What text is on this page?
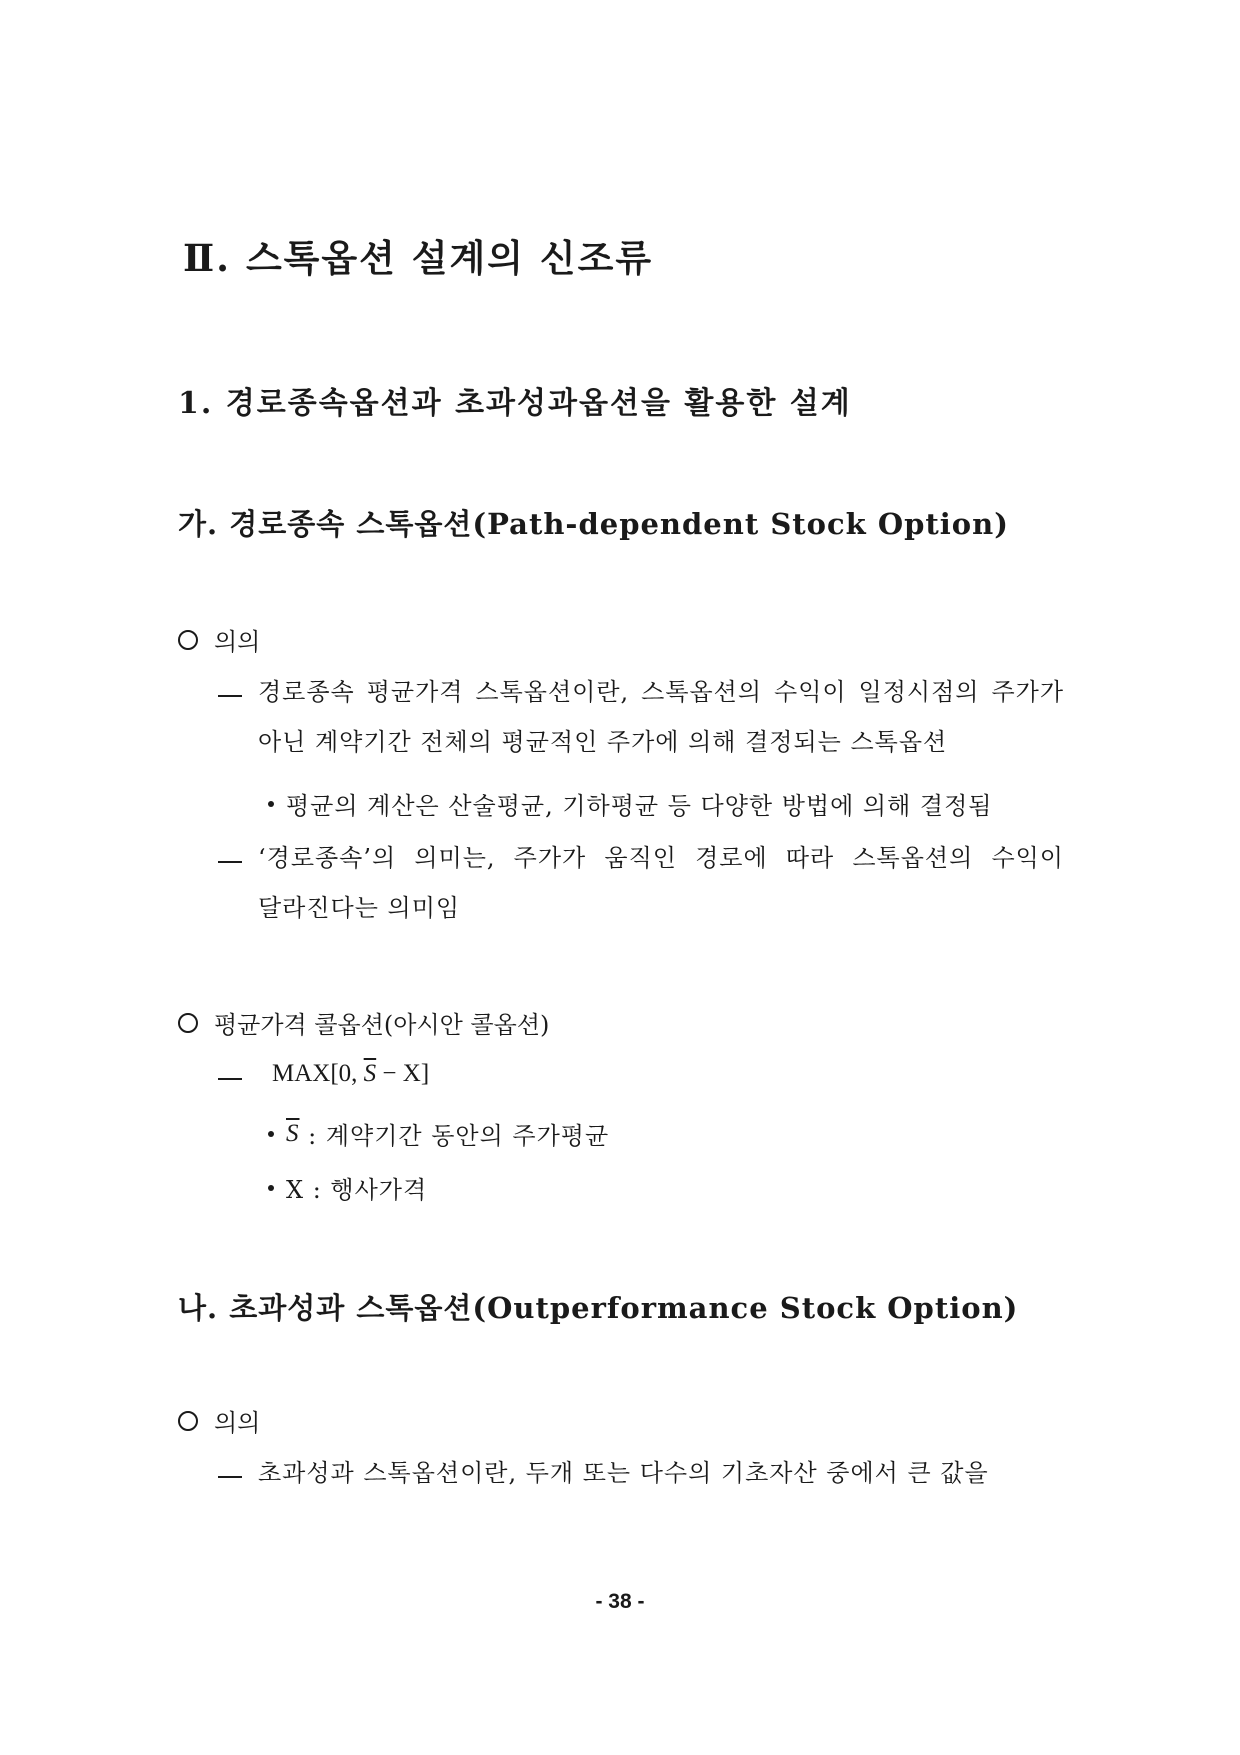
Ⅱ. 스톡옵션 설계의 신조류
1. 경로종속옵션과 초과성과옵션을 활용한 설계
가. 경로종속 스톡옵션(Path-dependent Stock Option)
의의
경로종속 평균가격 스톡옵션이란, 스톡옵션의 수익이 일정시점의 주가가 아닌 계약기간 전체의 평균적인 주가에 의해 결정되는 스톡옵션
평균의 계산은 산술평균, 기하평균 등 다양한 방법에 의해 결정됨
‘경로종속’의 의미는, 주가가 움직인 경로에 따라 스톡옵션의 수익이 달라진다는 의미임
평균가격 콜옵션(아시안 콜옵션)
MAX[0, $\overline{S} - X$]
$\overline{S}$ : 계약기간 동안의 주가평균
X : 행사가격
나. 초과성과 스톡옵션(Outperformance Stock Option)
의의
초과성과 스톡옵션이란, 두개 또는 다수의 기초자산 중에서 큰 값을
- 38 -
